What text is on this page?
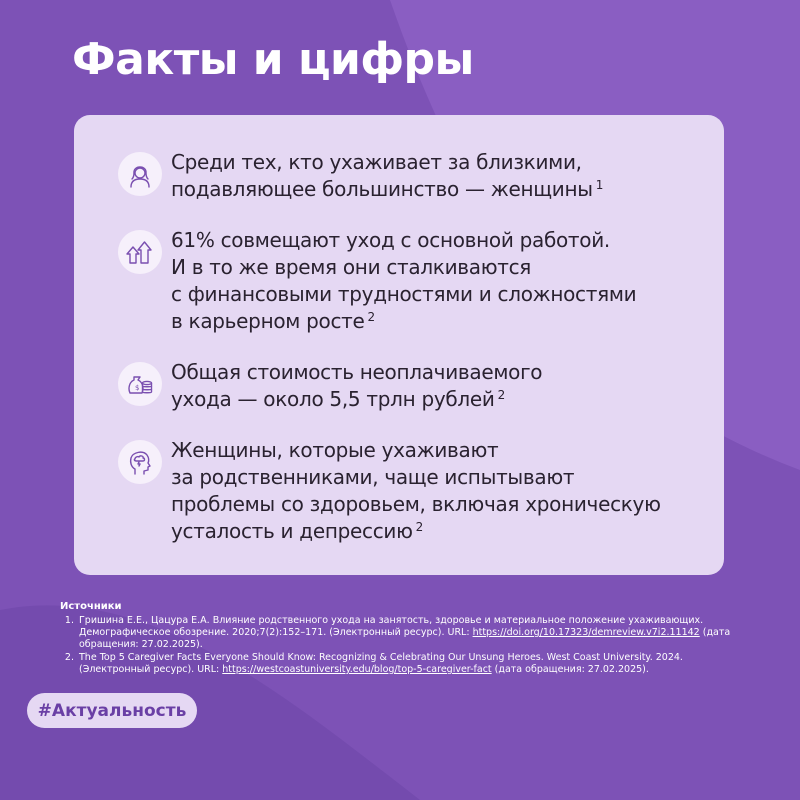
Факты и цифры
Среди тех, кто ухаживает за близкими,
подавляющее большинство — женщины $^1$
61% совмещают уход с основной работой.
И в то же время они сталкиваются
с финансовыми трудностями и сложностями
в карьерном росте $^2$
$
Общая стоимость неоплачиваемого
ухода — около 5,5 трлн рублей $^2$
Женщины, которые ухаживают
за родственниками, чаще испытывают
проблемы со здоровьем, включая хроническую
усталость и депрессию $^2$
Источники
1. Гришина Е.Е., Цацура Е.А. Влияние родственного ухода на занятость, здоровье и материальное положение ухаживающих. Демографическое обозрение. 2020;7(2):152–171. (Электронный ресурс). URL: https://doi.org/10.17323/demreview.v7i2.11142 (дата обращения: 27.02.2025).
2. The Top 5 Caregiver Facts Everyone Should Know: Recognizing & Celebrating Our Unsung Heroes. West Coast University. 2024. (Электронный ресурс). URL: https://westcoastuniversity.edu/blog/top-5-caregiver-fact (дата обращения: 27.02.2025).
#Актуальность
